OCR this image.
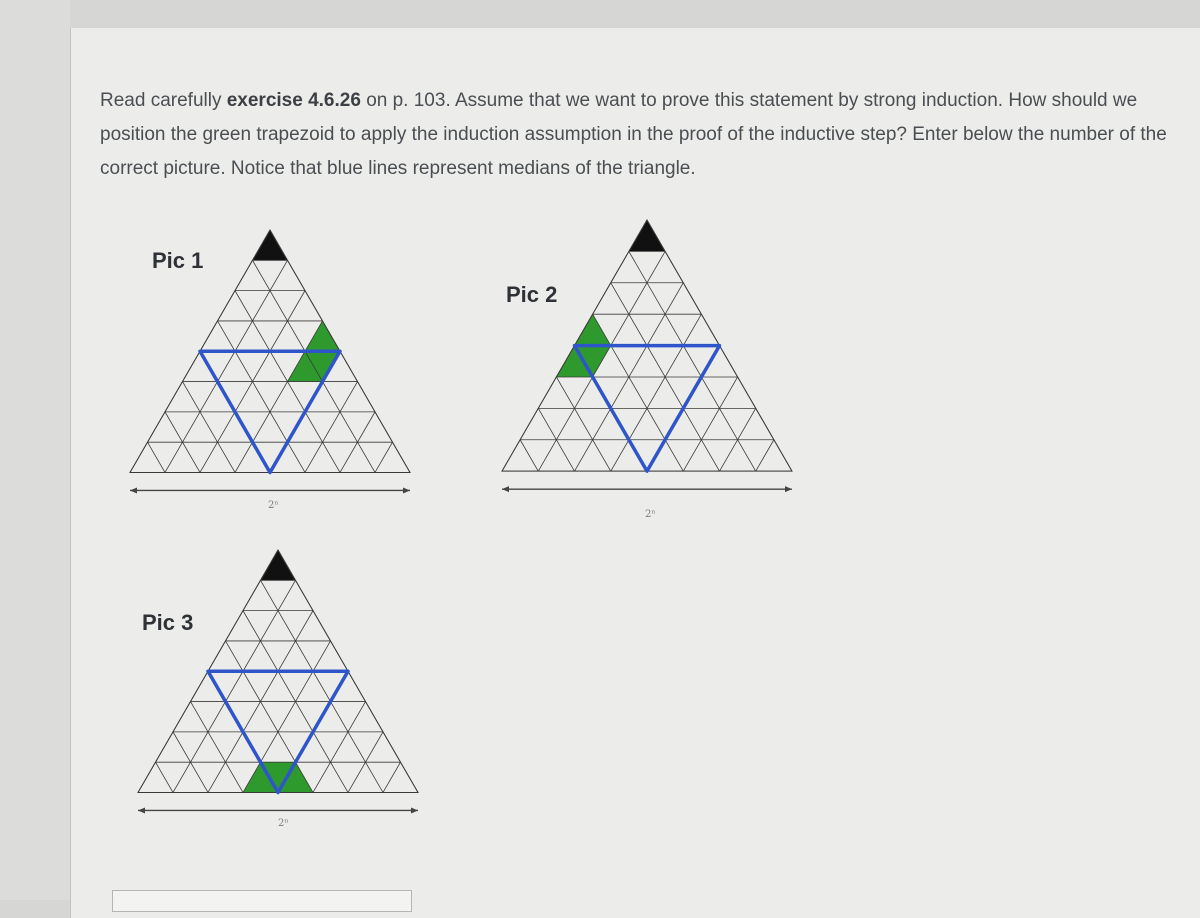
Read carefully exercise 4.6.26 on p. 103. Assume that we want to prove this statement by strong induction. How should we position the green trapezoid to apply the induction assumption in the proof of the inductive step? Enter below the number of the correct picture. Notice that blue lines represent medians of the triangle.

Pic 1
2ⁿ
Pic 2
2ⁿ
Pic 3
2ⁿ
